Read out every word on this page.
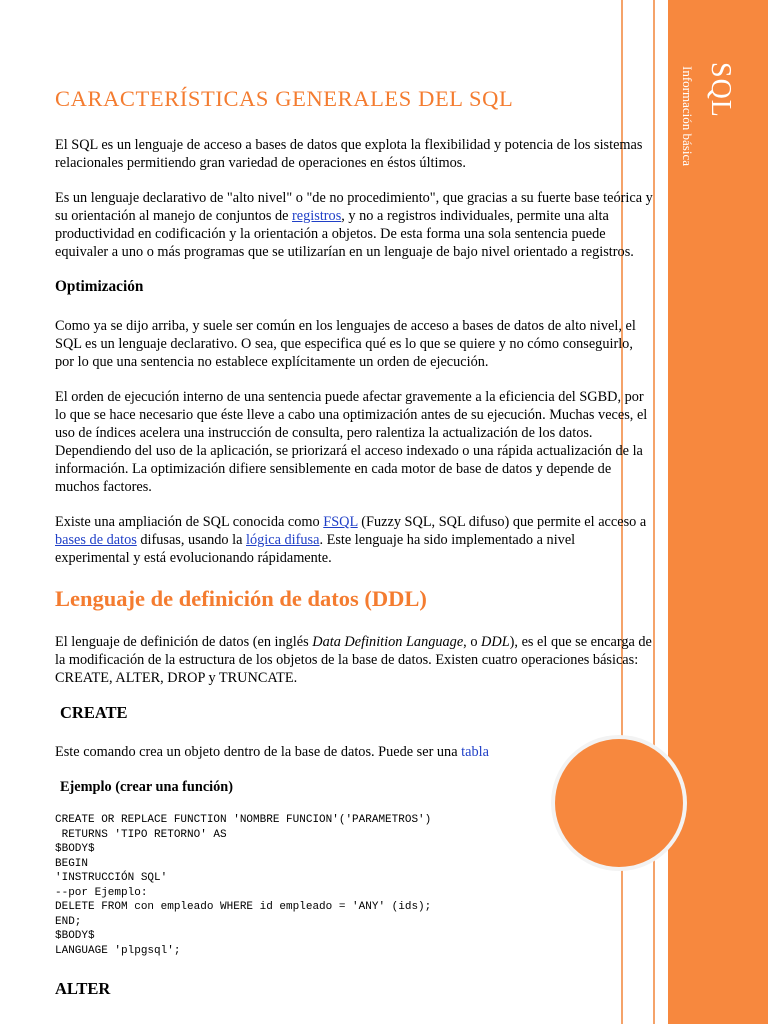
SQL
Información básica
CARACTERÍSTICAS GENERALES DEL SQL

El SQL es un lenguaje de acceso a bases de datos que explota la flexibilidad y potencia de los sistemas relacionales permitiendo gran variedad de operaciones en éstos últimos.

Es un lenguaje declarativo de "alto nivel" o "de no procedimiento", que gracias a su fuerte base teórica y su orientación al manejo de conjuntos de registros, y no a registros individuales, permite una alta productividad en codificación y la orientación a objetos. De esta forma una sola sentencia puede equivaler a uno o más programas que se utilizarían en un lenguaje de bajo nivel orientado a registros.

Optimización

Como ya se dijo arriba, y suele ser común en los lenguajes de acceso a bases de datos de alto nivel, el SQL es un lenguaje declarativo. O sea, que especifica qué es lo que se quiere y no cómo conseguirlo, por lo que una sentencia no establece explícitamente un orden de ejecución.

El orden de ejecución interno de una sentencia puede afectar gravemente a la eficiencia del SGBD, por lo que se hace necesario que éste lleve a cabo una optimización antes de su ejecución. Muchas veces, el uso de índices acelera una instrucción de consulta, pero ralentiza la actualización de los datos. Dependiendo del uso de la aplicación, se priorizará el acceso indexado o una rápida actualización de la información. La optimización difiere sensiblemente en cada motor de base de datos y depende de muchos factores.

Existe una ampliación de SQL conocida como FSQL (Fuzzy SQL, SQL difuso) que permite el acceso a bases de datos difusas, usando la lógica difusa. Este lenguaje ha sido implementado a nivel experimental y está evolucionando rápidamente.

Lenguaje de definición de datos (DDL)

El lenguaje de definición de datos (en inglés Data Definition Language, o DDL), es el que se encarga de la modificación de la estructura de los objetos de la base de datos. Existen cuatro operaciones básicas: CREATE, ALTER, DROP y TRUNCATE.

CREATE

Este comando crea un objeto dentro de la base de datos. Puede ser una tabla

Ejemplo (crear una función)
CREATE OR REPLACE FUNCTION 'NOMBRE FUNCION'('PARAMETROS')
RETURNS 'TIPO RETORNO' AS
$BODY$
BEGIN
'INSTRUCCIÓN SQL'
--por Ejemplo:
DELETE FROM con empleado WHERE id empleado = 'ANY' (ids);
END;
$BODY$
LANGUAGE 'plpgsql';
ALTER
